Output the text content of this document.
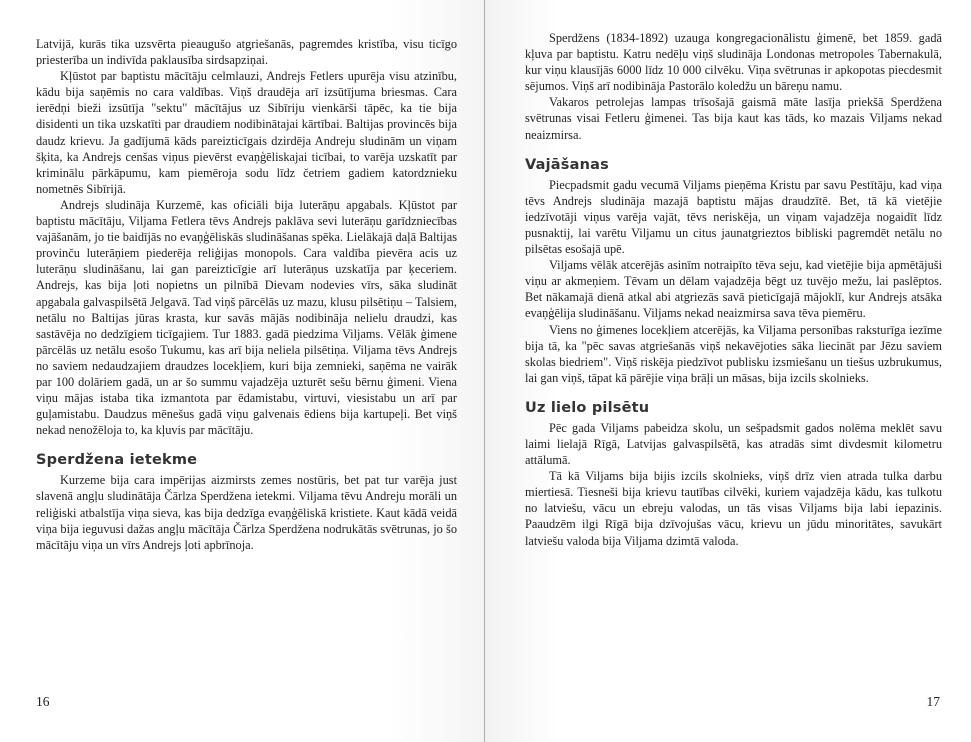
Latvijā, kurās tika uzsvērta pieaugušo atgriešanās, pagremdes kristība, visu ticīgo priesterība un indivīda paklausība sirdsapziņai.

Kļūstot par baptistu mācītāju celmlauzi, Andrejs Fetlers upurēja visu atzinību, kādu bija saņēmis no cara valdības. Viņš draudēja arī izsūtījuma briesmas. Cara ierēdņi bieži izsūtīja "sektu" mācītājus uz Sibīriju vienkārši tāpēc, ka tie bija disidenti un tika uzskatīti par draudiem nodibinātajai kārtībai. Baltijas provincēs bija daudz krievu. Ja gadījumā kāds pareizticīgais dzirdēja Andreju sludinām un viņam šķita, ka Andrejs cenšas viņus pievērst evaņģēliskajai ticībai, to varēja uzskatīt par kriminālu pārkāpumu, kam piemēroja sodu līdz četriem gadiem katordznieku nometnēs Sibīrijā.

Andrejs sludināja Kurzemē, kas oficiāli bija luterāņu apgabals. Kļūstot par baptistu mācītāju, Viljama Fetlera tēvs Andrejs paklāva sevi luterāņu garīdzniecības vajāšanām, jo tie baidījās no evaņģēliskās sludināšanas spēka. Lielākajā daļā Baltijas provinču luterāņiem piederēja reliģijas monopols. Cara valdība pievēra acis uz luterāņu sludināšanu, lai gan pareizticīgie arī luterāņus uzskatīja par ķeceriem. Andrejs, kas bija ļoti nopietns un pilnībā Dievam nodevies vīrs, sāka sludināt apgabala galvaspilsētā Jelgavā. Tad viņš pārcēlās uz mazu, klusu pilsētiņu – Talsiem, netālu no Baltijas jūras krasta, kur savās mājās nodibināja nelielu draudzi, kas sastāvēja no dedzīgiem ticīgajiem. Tur 1883. gadā piedzima Viljams. Vēlāk ģimene pārcēlās uz netālu esošo Tukumu, kas arī bija neliela pilsētiņa. Viljama tēvs Andrejs no saviem nedaudzajiem draudzes locekļiem, kuri bija zemnieki, saņēma ne vairāk par 100 dolāriem gadā, un ar šo summu vajadzēja uzturēt sešu bērnu ģimeni. Viena viņu mājas istaba tika izmantota par ēdamistabu, virtuvi, viesistabu un arī par guļamistabu. Daudzus mēnešus gadā viņu galvenais ēdiens bija kartupeļi. Bet viņš nekad nenožēloja to, ka kļuvis par mācītāju.

Sperdžena ietekme

Kurzeme bija cara impērijas aizmirsts zemes nostūris, bet pat tur varēja just slavenā angļu sludinātāja Čārlza Sperdžena ietekmi. Viljama tēvu Andreju morāli un reliģiski atbalstīja viņa sieva, kas bija dedzīga evaņģēliskā kristiete. Kaut kādā veidā viņa bija ieguvusi dažas angļu mācītāja Čārlza Sperdžena nodrukātās svētrunas, jo šo mācītāju viņa un vīrs Andrejs ļoti apbrīnoja.

16

Sperdžens (1834-1892) uzauga kongregacionālistu ģimenē, bet 1859. gadā kļuva par baptistu. Katru nedēļu viņš sludināja Londonas metropoles Tabernakulā, kur viņu klausījās 6000 līdz 10 000 cilvēku. Viņa svētrunas ir apkopotas piecdesmit sējumos. Viņš arī nodibināja Pastorālo koledžu un bāreņu namu.

Vakaros petrolejas lampas trīsošajā gaismā māte lasīja priekšā Sperdžena svētrunas visai Fetleru ģimenei. Tas bija kaut kas tāds, ko mazais Viljams nekad neaizmirsa.

Vajāšanas

Piecpadsmit gadu vecumā Viljams pieņēma Kristu par savu Pestītāju, kad viņa tēvs Andrejs sludināja mazajā baptistu mājas draudzītē. Bet, tā kā vietējie iedzīvotāji viņus varēja vajāt, tēvs neriskēja, un viņam vajadzēja nogaidīt līdz pusnaktij, lai varētu Viljamu un citus jaunatgrieztos bibliski pagremdēt netālu no pilsētas esošajā upē.

Viljams vēlāk atcerējās asinīm notraipīto tēva seju, kad vietējie bija apmētājuši viņu ar akmeņiem. Tēvam un dēlam vajadzēja bēgt uz tuvējo mežu, lai paslēptos. Bet nākamajā dienā atkal abi atgriezās savā pieticīgajā mājoklī, kur Andrejs atsāka evaņģēlija sludināšanu. Viljams nekad neaizmirsa sava tēva piemēru.

Viens no ģimenes locekļiem atcerējās, ka Viljama personības raksturīga iezīme bija tā, ka "pēc savas atgriešanās viņš nekavējoties sāka liecināt par Jēzu saviem skolas biedriem". Viņš riskēja piedzīvot publisku izsmiešanu un tiešus uzbrukumus, lai gan viņš, tāpat kā pārējie viņa brāļi un māsas, bija izcils skolnieks.

Uz lielo pilsētu

Pēc gada Viljams pabeidza skolu, un sešpadsmit gados nolēma meklēt savu laimi lielajā Rīgā, Latvijas galvaspilsētā, kas atradās simt divdesmit kilometru attālumā.

Tā kā Viljams bija bijis izcils skolnieks, viņš drīz vien atrada tulka darbu miertiesā. Tiesneši bija krievu tautības cilvēki, kuriem vajadzēja kādu, kas tulkotu no latviešu, vācu un ebreju valodas, un tās visas Viljams bija labi iepazinis. Paaudzēm ilgi Rīgā bija dzīvojušas vācu, krievu un jūdu minoritātes, savukārt latviešu valoda bija Viljama dzimtā valoda.

17
